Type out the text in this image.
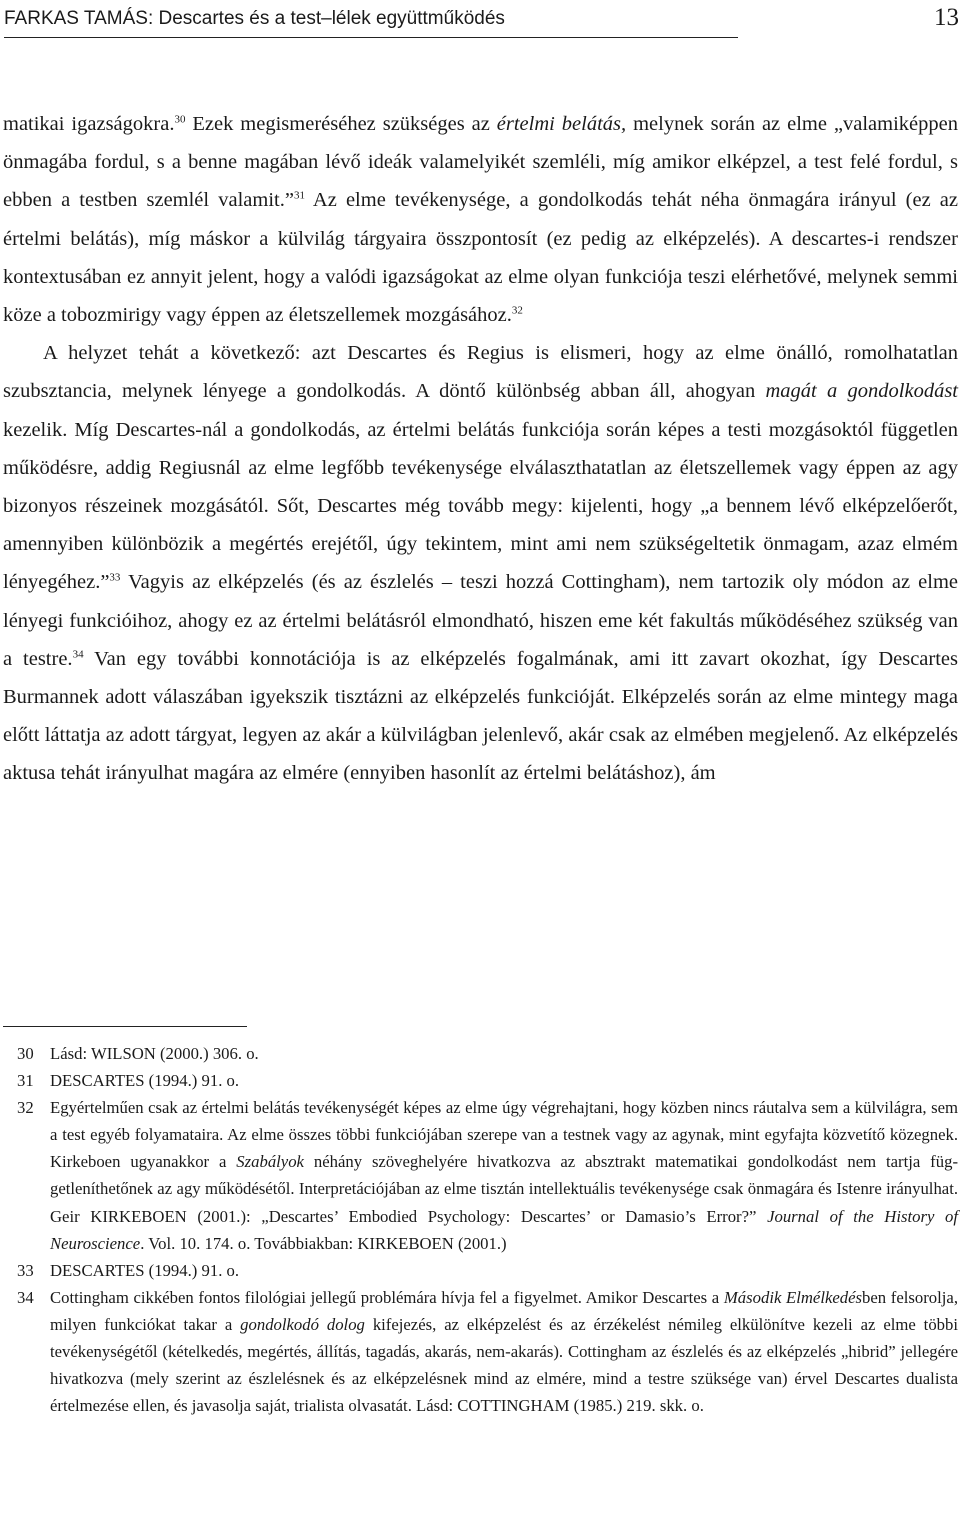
FARKAS TAMÁS: Descartes és a test–lélek együttműködés	13

matikai igazságokra.$^{30}$ Ezek megismeréséhez szükséges az értelmi belátás, melynek során az elme „valamiképpen önmagába fordul, s a benne magában lévő ideák valamelyikét szemléli, míg amikor elképzel, a test felé fordul, s ebben a testben szemlél valamit.”$^{31}$ Az elme tevékenysége, a gondolkodás tehát néha önmagára irányul (ez az értelmi belátás), míg máskor a külvilág tárgyaira összpontosít (ez pedig az elképzelés). A descartes-i rendszer kontextusában ez annyit jelent, hogy a valódi igazságokat az elme olyan funkciója teszi elérhetővé, melynek semmi köze a tobozmirigy vagy éppen az életszellemek mozgásához.$^{32}$

A helyzet tehát a következő: azt Descartes és Regius is elismeri, hogy az elme önálló, romolhatatlan szubsztancia, melynek lényege a gondolkodás. A döntő különbség abban áll, ahogyan magát a gondolkodást kezelik. Míg Descartes-nál a gondolkodás, az értelmi belátás funkciója során képes a testi mozgásoktól független működésre, addig Regiusnál az elme legfőbb tevékenysége elválaszthatatlan az életszellemek vagy éppen az agy bizonyos részeinek mozgásától. Sőt, Descartes még tovább megy: kijelenti, hogy „a bennem lévő elképzelőerőt, amennyiben különbözik a megértés erejétől, úgy tekintem, mint ami nem szükségeltetik önmagam, azaz elmém lényegéhez.”$^{33}$ Vagyis az elképzelés (és az észlelés – teszi hozzá Cottingham), nem tartozik oly módon az elme lényegi funkcióihoz, ahogy ez az értelmi belátásról elmondható, hiszen eme két fakultás működéséhez szükség van a testre.$^{34}$ Van egy további konnotációja is az elképzelés fogalmának, ami itt zavart okozhat, így Descartes Burmannek adott válaszában igyekszik tisztázni az elképzelés funkcióját. Elképzelés során az elme mintegy maga előtt láttatja az adott tárgyat, legyen az akár a külvilágban jelenlevő, akár csak az elmében megjelenő. Az elképzelés aktusa tehát irányulhat magára az elmére (ennyiben hasonlít az értelmi belátáshoz), ám

30 Lásd: WILSON (2000.) 306. o.
31 DESCARTES (1994.) 91. o.
32 Egyértelműen csak az értelmi belátás tevékenységét képes az elme úgy végrehajtani, hogy közben nincs ráutalva sem a külvilágra, sem a test egyéb folyamataira. Az elme összes többi funkciójában szerepe van a testnek vagy az agynak, mint egyfajta közvetítő közegnek. Kirkeboen ugyanakkor a Szabályok néhány szöveghelyére hivatkozva az absztrakt matematikai gondolkodást nem tartja függetleníthetőnek az agy működésétől. Interpretációjában az elme tisztán intellektuális tevékenysége csak önmagára és Istenre irányulhat. Geir KIRKEBOEN (2001.): „Descartes’ Embodied Psychology: Descartes’ or Damasio’s Error?” Journal of the History of Neuroscience. Vol. 10. 174. o. Továbbiakban: KIRKEBOEN (2001.)
33 DESCARTES (1994.) 91. o.
34 Cottingham cikkében fontos filológiai jellegű problémára hívja fel a figyelmet. Amikor Descartes a Második Elmélkedésben felsorolja, milyen funkciókat takar a gondolkodó dolog kifejezés, az elképzelést és az érzékelést némileg elkülönítve kezeli az elme többi tevékenységétől (kételkedés, megértés, állítás, tagadás, akarás, nem-akarás). Cottingham az észlelés és az elképzelés „hibrid” jellegére hivatkozva (mely szerint az észlelésnek és az elképzelésnek mind az elmére, mind a testre szüksége van) érvel Descartes dualista értelmezése ellen, és javasolja saját, trialista olvasatát. Lásd: COTTINGHAM (1985.) 219. skk. o.
